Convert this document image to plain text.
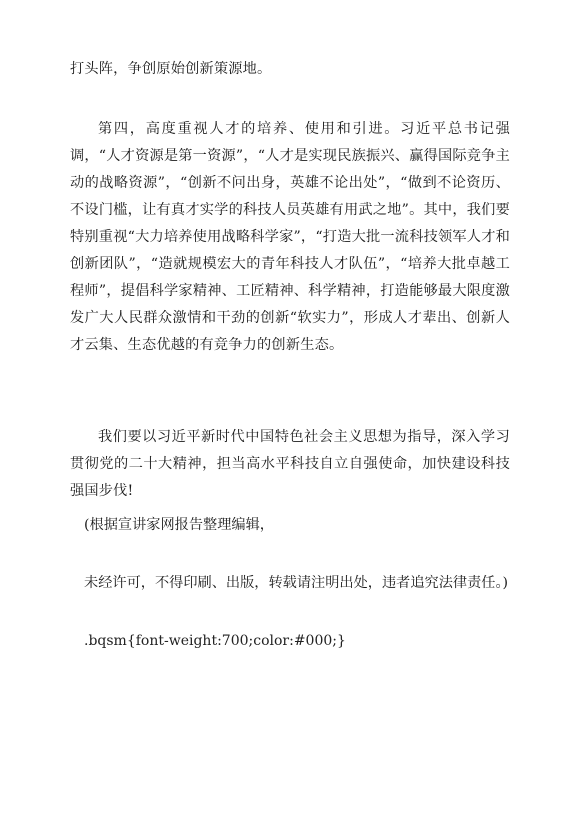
打头阵，争创原始创新策源地。

第四，高度重视人才的培养、使用和引进。习近平总书记强调，“人才资源是第一资源”，“人才是实现民族振兴、赢得国际竞争主动的战略资源”，“创新不问出身，英雄不论出处”，“做到不论资历、不设门槛，让有真才实学的科技人员英雄有用武之地”。其中，我们要特别重视“大力培养使用战略科学家”，“打造大批一流科技领军人才和创新团队”，“造就规模宏大的青年科技人才队伍”，“培养大批卓越工程师”，提倡科学家精神、工匠精神、科学精神，打造能够最大限度激发广大人民群众激情和干劲的创新“软实力”，形成人才辈出、创新人才云集、生态优越的有竞争力的创新生态。

我们要以习近平新时代中国特色社会主义思想为指导，深入学习贯彻党的二十大精神，担当高水平科技自立自强使命，加快建设科技强国步伐!

(根据宣讲家网报告整理编辑，

未经许可，不得印刷、出版，转载请注明出处，违者追究法律责任。)

.bqsm{font-weight:700;color:#000;}
